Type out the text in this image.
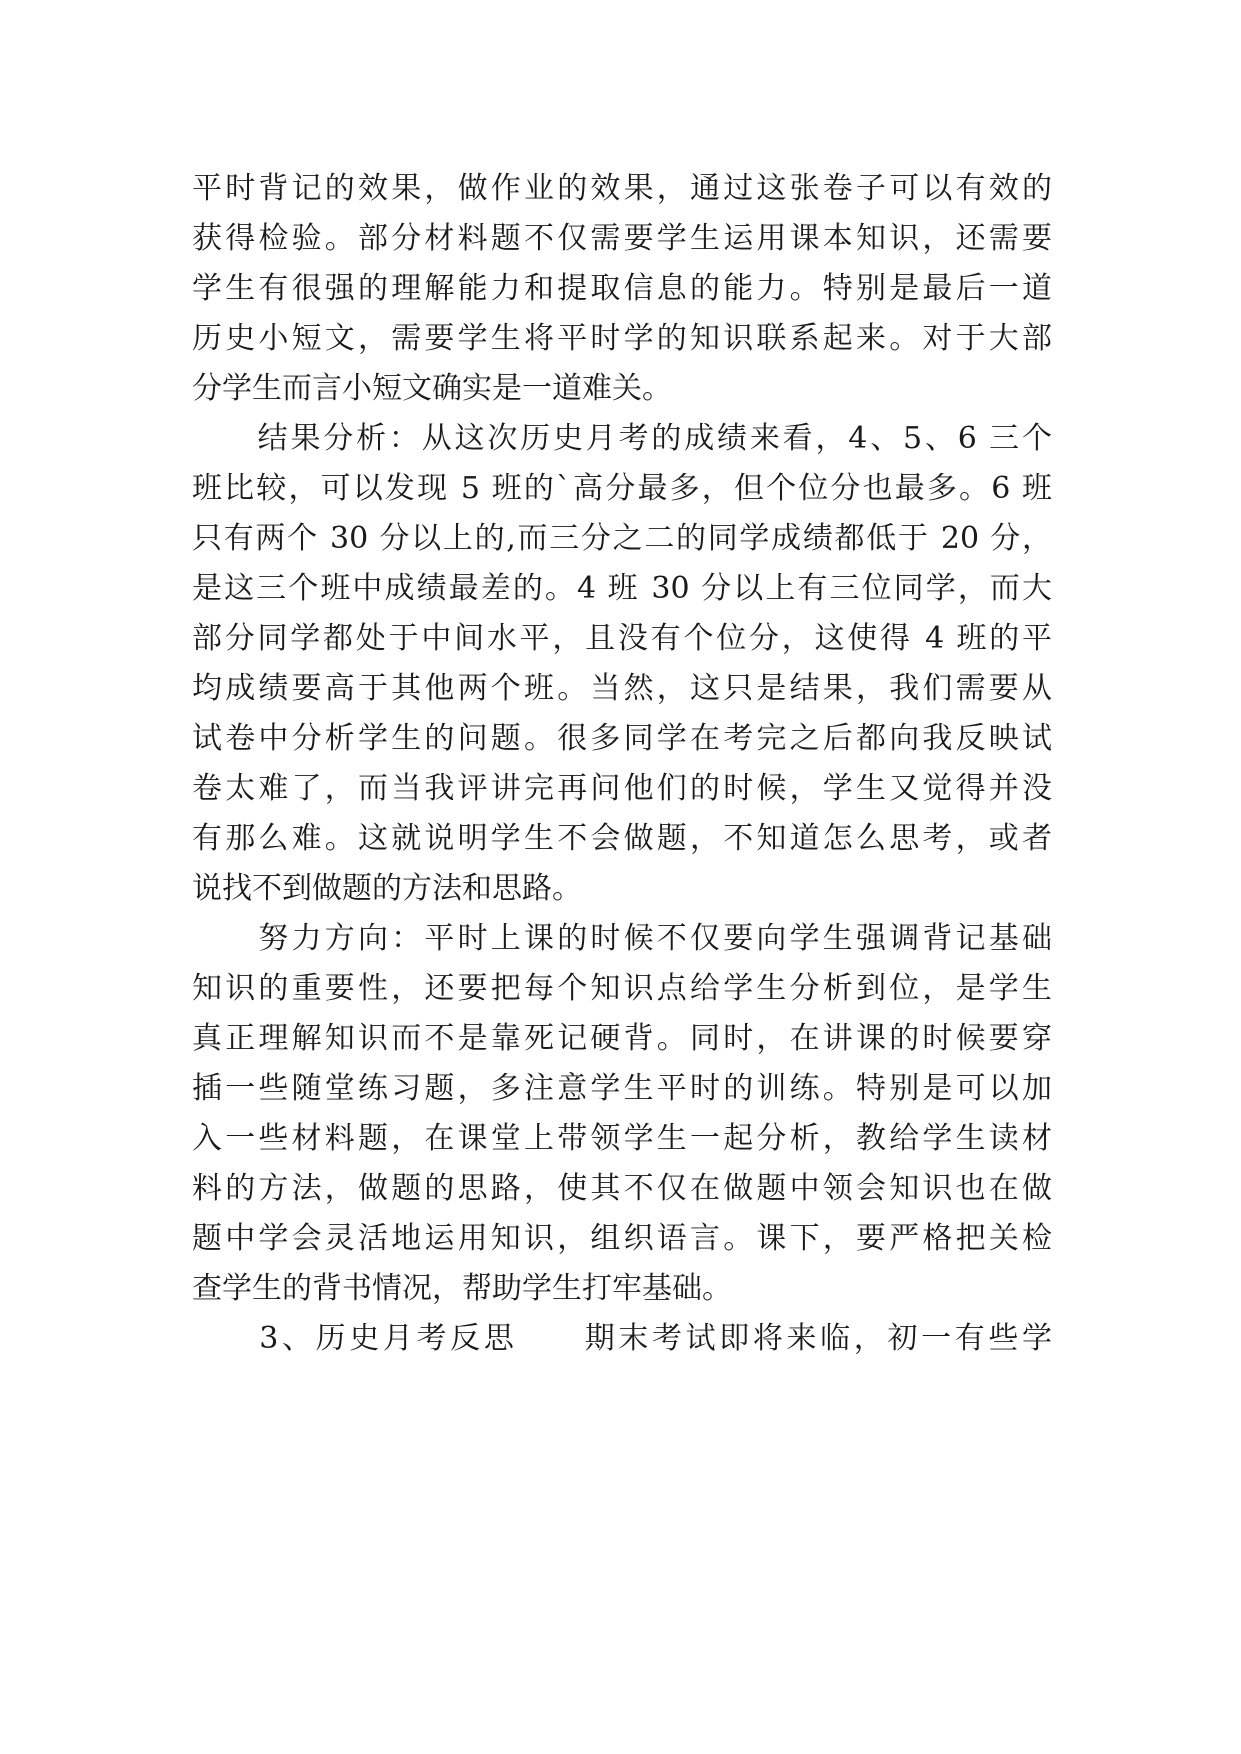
平时背记的效果，做作业的效果，通过这张卷子可以有效的
获得检验。部分材料题不仅需要学生运用课本知识，还需要
学生有很强的理解能力和提取信息的能力。特别是最后一道
历史小短文，需要学生将平时学的知识联系起来。对于大部
分学生而言小短文确实是一道难关。
　　结果分析：从这次历史月考的成绩来看，4、5、6 三个
班比较，可以发现 5 班的`高分最多，但个位分也最多。6 班
只有两个 30 分以上的,而三分之二的同学成绩都低于 20 分，
是这三个班中成绩最差的。4 班 30 分以上有三位同学，而大
部分同学都处于中间水平，且没有个位分，这使得 4 班的平
均成绩要高于其他两个班。当然，这只是结果，我们需要从
试卷中分析学生的问题。很多同学在考完之后都向我反映试
卷太难了，而当我评讲完再问他们的时候，学生又觉得并没
有那么难。这就说明学生不会做题，不知道怎么思考，或者
说找不到做题的方法和思路。
　　努力方向：平时上课的时候不仅要向学生强调背记基础
知识的重要性，还要把每个知识点给学生分析到位，是学生
真正理解知识而不是靠死记硬背。同时，在讲课的时候要穿
插一些随堂练习题，多注意学生平时的训练。特别是可以加
入一些材料题，在课堂上带领学生一起分析，教给学生读材
料的方法，做题的思路，使其不仅在做题中领会知识也在做
题中学会灵活地运用知识，组织语言。课下，要严格把关检
查学生的背书情况，帮助学生打牢基础。
　　3、历史月考反思　　期末考试即将来临，初一有些学
